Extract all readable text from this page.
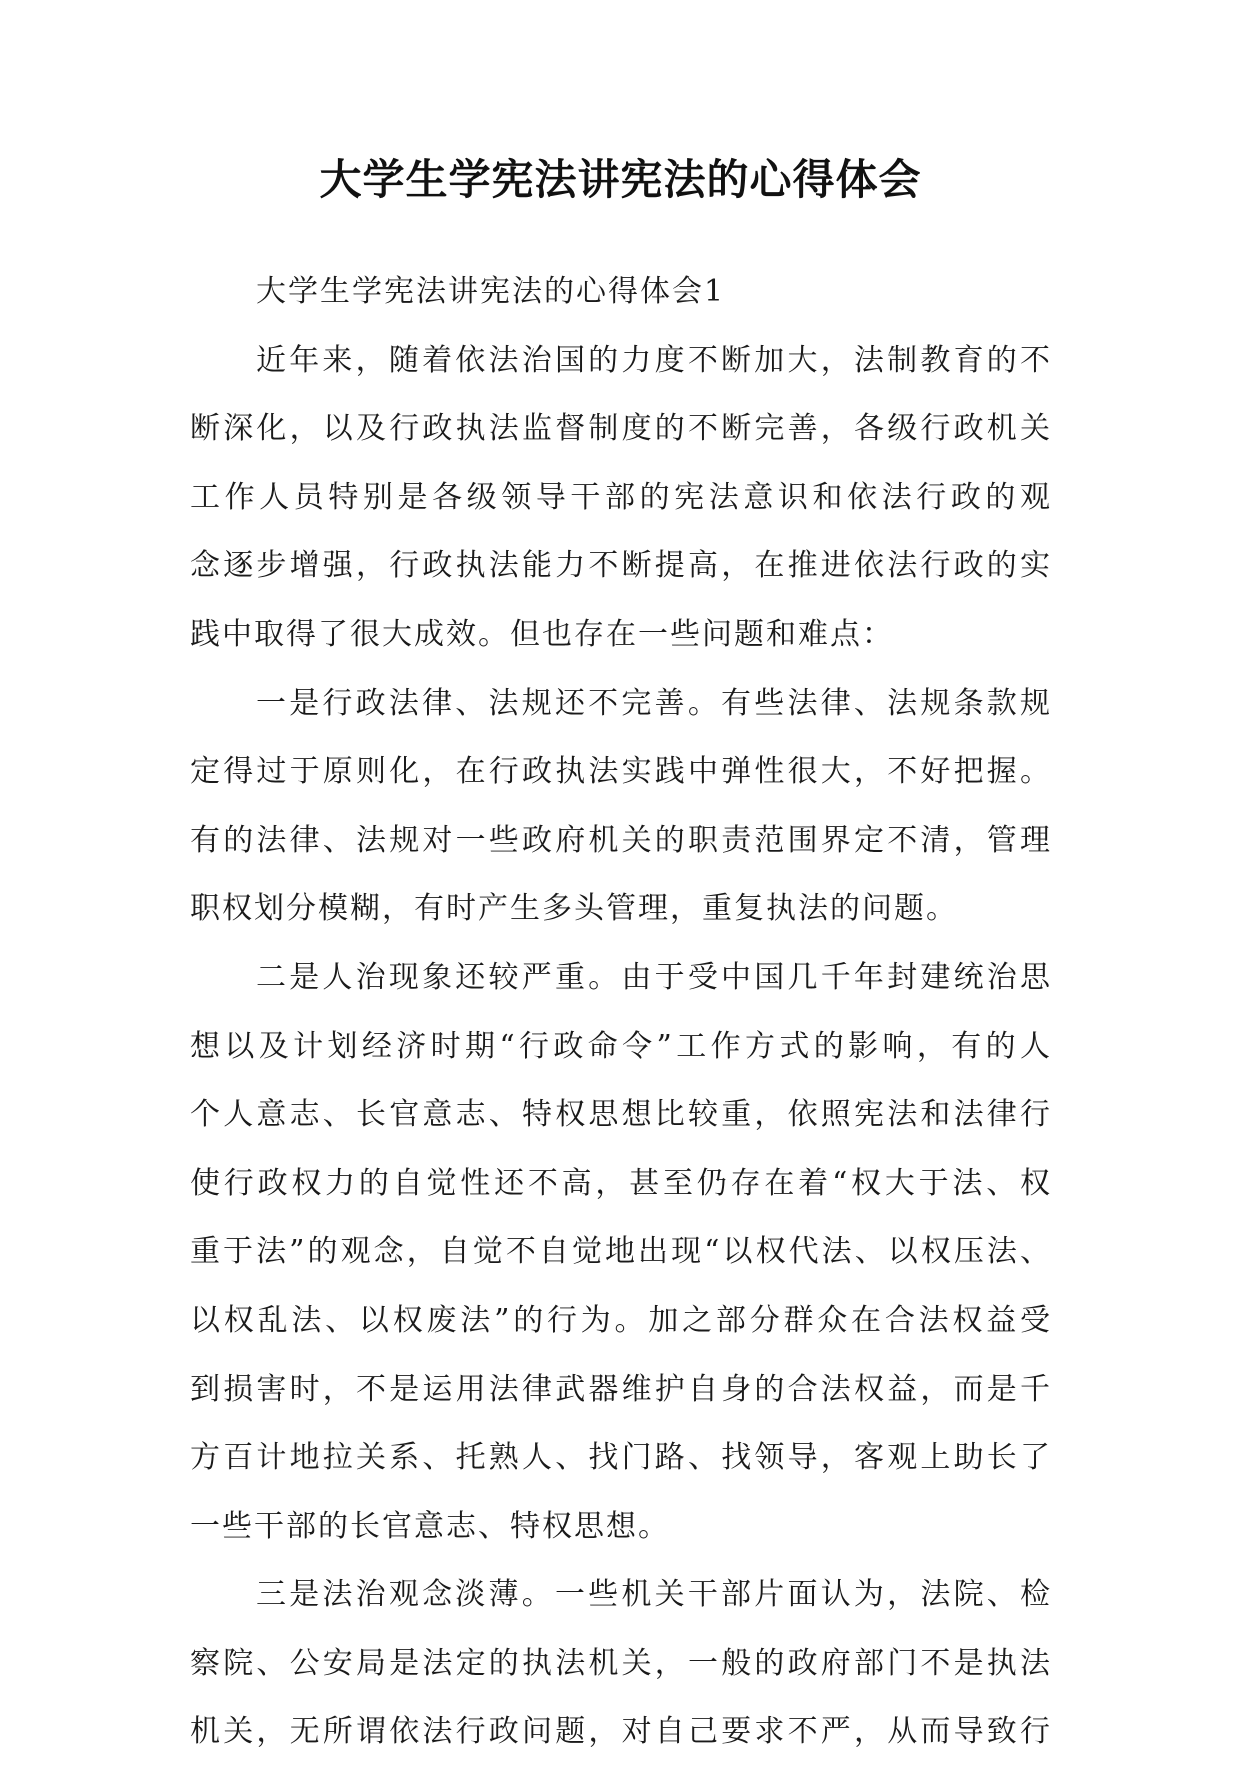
大学生学宪法讲宪法的心得体会
大学生学宪法讲宪法的心得体会1
近年来，随着依法治国的力度不断加大，法制教育的不
断深化，以及行政执法监督制度的不断完善，各级行政机关
工作人员特别是各级领导干部的宪法意识和依法行政的观
念逐步增强，行政执法能力不断提高，在推进依法行政的实
践中取得了很大成效。但也存在一些问题和难点：
一是行政法律、法规还不完善。有些法律、法规条款规
定得过于原则化，在行政执法实践中弹性很大，不好把握。
有的法律、法规对一些政府机关的职责范围界定不清，管理
职权划分模糊，有时产生多头管理，重复执法的问题。
二是人治现象还较严重。由于受中国几千年封建统治思
想以及计划经济时期“行政命令”工作方式的影响，有的人
个人意志、长官意志、特权思想比较重，依照宪法和法律行
使行政权力的自觉性还不高，甚至仍存在着“权大于法、权
重于法”的观念，自觉不自觉地出现“以权代法、以权压法、
以权乱法、以权废法”的行为。加之部分群众在合法权益受
到损害时，不是运用法律武器维护自身的合法权益，而是千
方百计地拉关系、托熟人、找门路、找领导，客观上助长了
一些干部的长官意志、特权思想。
三是法治观念淡薄。一些机关干部片面认为，法院、检
察院、公安局是法定的执法机关，一般的政府部门不是执法
机关，无所谓依法行政问题，对自己要求不严，从而导致行
